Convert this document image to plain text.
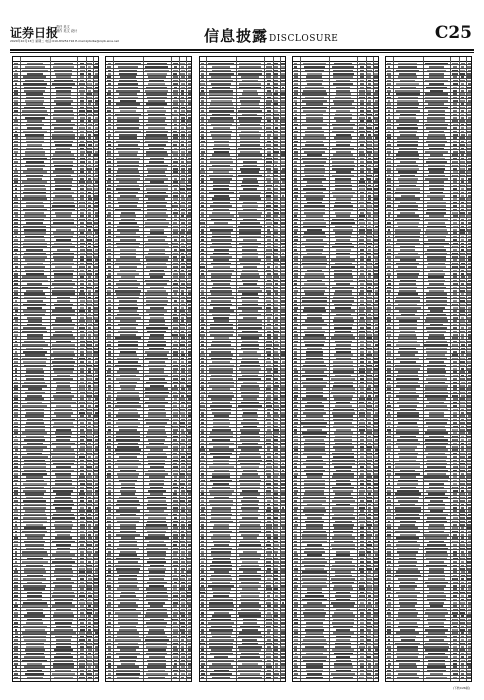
证券日报
责任 吴文
制作 吴文 设计
2020年10月13日 星期二 电话:010-83251716 E-mail:zjrbzbs@zqrb.sina.net	信息披露DISCLOSURE	C25
(下转C26版)
